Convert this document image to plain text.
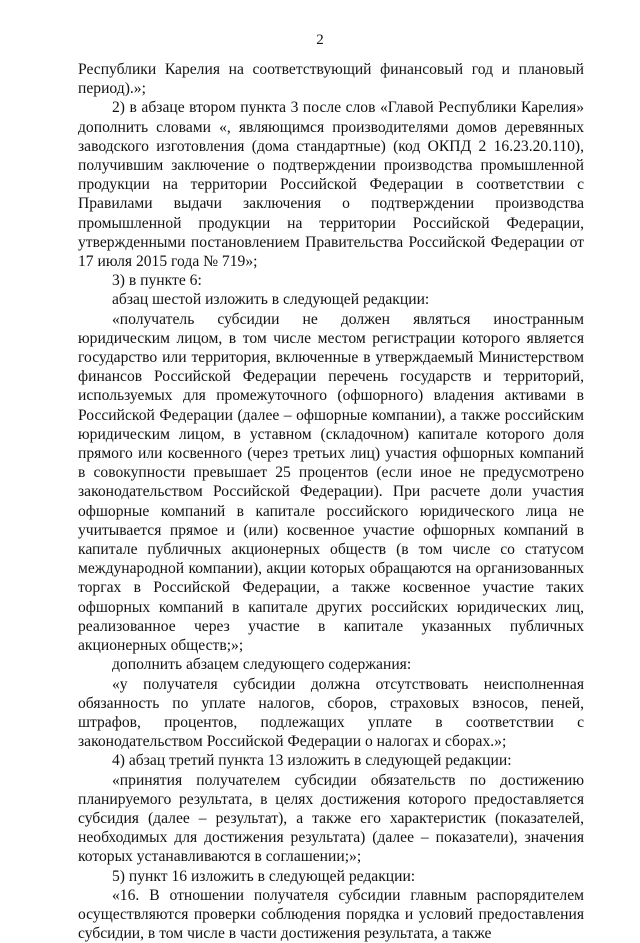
2

Республики Карелия на соответствующий финансовый год и плановый период).»;

2) в абзаце втором пункта 3 после слов «Главой Республики Карелия» дополнить словами «, являющимся производителями домов деревянных заводского изготовления (дома стандартные) (код ОКПД 2 16.23.20.110), получившим заключение о подтверждении производства промышленной продукции на территории Российской Федерации в соответствии с Правилами выдачи заключения о подтверждении производства промышленной продукции на территории Российской Федерации, утвержденными постановлением Правительства Российской Федерации от 17 июля 2015 года № 719»;

3) в пункте 6:

абзац шестой изложить в следующей редакции:

«получатель субсидии не должен являться иностранным юридическим лицом, в том числе местом регистрации которого является государство или территория, включенные в утверждаемый Министерством финансов Российской Федерации перечень государств и территорий, используемых для промежуточного (офшорного) владения активами в Российской Федерации (далее – офшорные компании), а также российским юридическим лицом, в уставном (складочном) капитале которого доля прямого или косвенного (через третьих лиц) участия офшорных компаний в совокупности превышает 25 процентов (если иное не предусмотрено законодательством Российской Федерации). При расчете доли участия офшорные компаний в капитале российского юридического лица не учитывается прямое и (или) косвенное участие офшорных компаний в капитале публичных акционерных обществ (в том числе со статусом международной компании), акции которых обращаются на организованных торгах в Российской Федерации, а также косвенное участие таких офшорных компаний в капитале других российских юридических лиц, реализованное через участие в капитале указанных публичных акционерных обществ;»;

дополнить абзацем следующего содержания:

«у получателя субсидии должна отсутствовать неисполненная обязанность по уплате налогов, сборов, страховых взносов, пеней, штрафов, процентов, подлежащих уплате в соответствии с законодательством Российской Федерации о налогах и сборах.»;

4) абзац третий пункта 13 изложить в следующей редакции:

«принятия получателем субсидии обязательств по достижению планируемого результата, в целях достижения которого предоставляется субсидия (далее – результат), а также его характеристик (показателей, необходимых для достижения результата) (далее – показатели), значения которых устанавливаются в соглашении;»;

5) пункт 16 изложить в следующей редакции:

«16. В отношении получателя субсидии главным распорядителем осуществляются проверки соблюдения порядка и условий предоставления субсидии, в том числе в части достижения результата, а также
